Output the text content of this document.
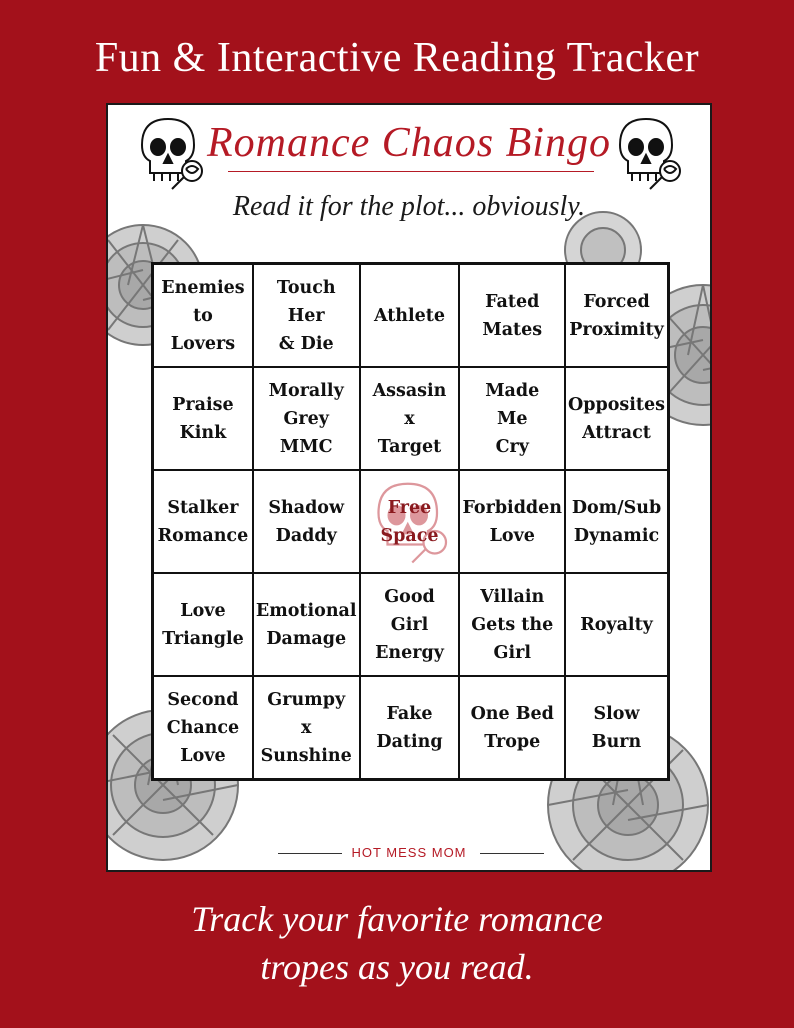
Fun & Interactive Reading Tracker
Romance Chaos Bingo
Read it for the plot... obviously.
Enemies
to
Lovers
Touch
Her
& Die
Athlete
Fated
Mates
Forced
Proximity
Praise
Kink
Morally
Grey
MMC
Assasin
x
Target
Made
Me
Cry
Opposites
Attract
Stalker
Romance
Shadow
Daddy
Free
Space
Forbidden
Love
Dom/Sub
Dynamic
Love
Triangle
Emotional
Damage
Good
Girl
Energy
Villain
Gets the
Girl
Royalty
Second
Chance
Love
Grumpy
x
Sunshine
Fake
Dating
One Bed
Trope
Slow
Burn
HOT MESS MOM
Track your favorite romance
tropes as you read.
